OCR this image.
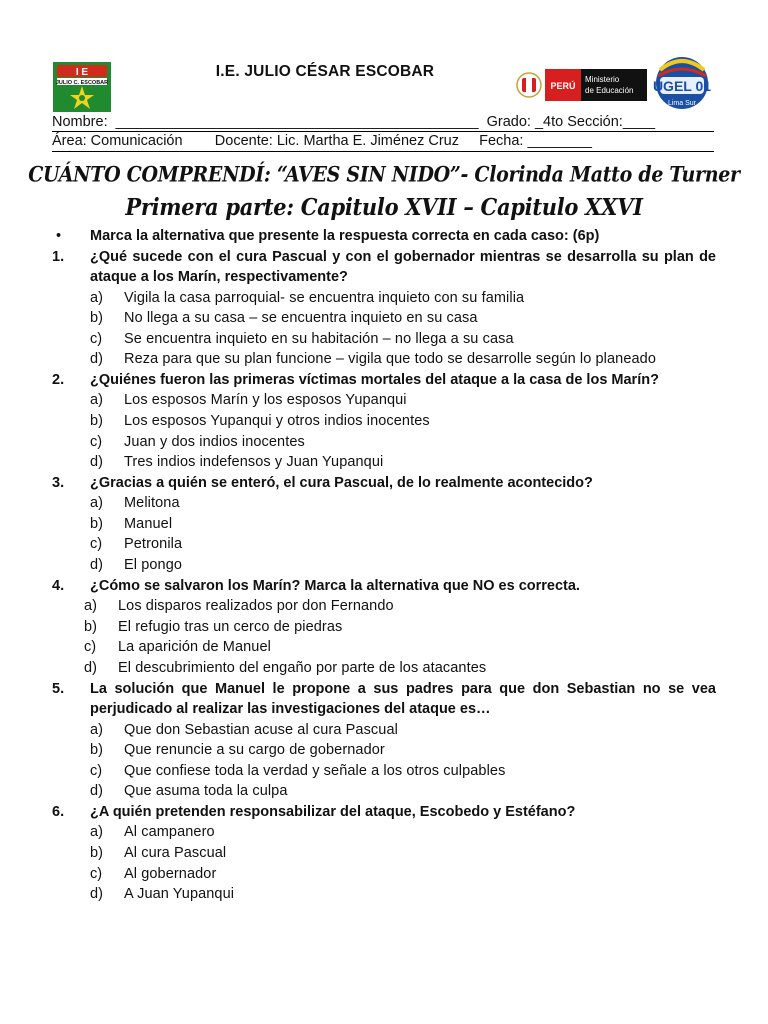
I E
JULIO C. ESCOBAR
I.E. JULIO CÉSAR ESCOBAR
PERÚ
Ministerio
de Educación UGEL 01
Lima Sur
Nombre:  _____________________________________________  Grado: _4to Sección:____
Área: Comunicación        Docente: Lic. Martha E. Jiménez Cruz     Fecha: ________
CUÁNTO COMPRENDÍ: “AVES SIN NIDO”- Clorinda Matto de Turner
Primera parte: Capitulo XVII – Capitulo XXVI
•	Marca la alternativa que presente la respuesta correcta en cada caso: (6p)
1.	¿Qué sucede con el cura Pascual y con el gobernador mientras se desarrolla su plan de ataque a los Marín, respectivamente?
a)	Vigila la casa parroquial- se encuentra inquieto con su familia
b)	No llega a su casa – se encuentra inquieto en su casa
c)	Se encuentra inquieto en su habitación – no llega a su casa
d)	Reza para que su plan funcione – vigila que todo se desarrolle según lo planeado
2.	¿Quiénes fueron las primeras víctimas mortales del ataque a la casa de los Marín?
a)	Los esposos Marín y los esposos Yupanqui
b)	Los esposos Yupanqui y otros indios inocentes
c)	Juan y dos indios inocentes
d)	Tres indios indefensos y Juan Yupanqui
3.	¿Gracias a quién se enteró, el cura Pascual, de lo realmente acontecido?
a)	Melitona
b)	Manuel
c)	Petronila
d)	El pongo
4.	¿Cómo se salvaron los Marín? Marca la alternativa que NO es correcta.
a)	Los disparos realizados por don Fernando
b)	El refugio tras un cerco de piedras
c)	La aparición de Manuel
d)	El descubrimiento del engaño por parte de los atacantes
5.	La solución que Manuel le propone a sus padres para que don Sebastian no se vea perjudicado al realizar las investigaciones del ataque es…
a)	Que don Sebastian acuse al cura Pascual
b)	Que renuncie a su cargo de gobernador
c)	Que confiese toda la verdad y señale a los otros culpables
d)	Que asuma toda la culpa
6.	¿A quién pretenden responsabilizar del ataque, Escobedo y Estéfano?
a)	Al campanero
b)	Al cura Pascual
c)	Al gobernador
d)	A Juan Yupanqui
